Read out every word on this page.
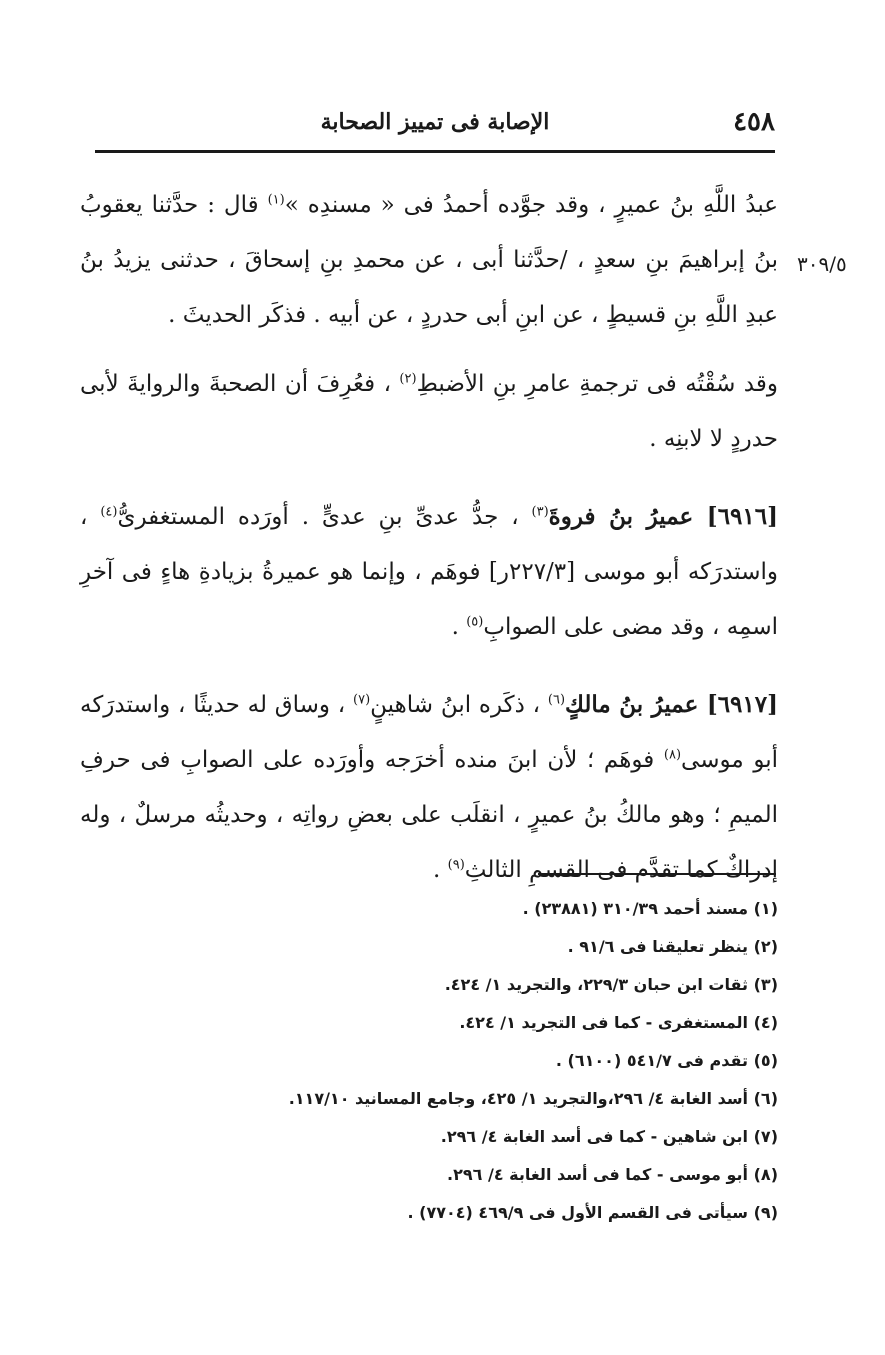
٤٥٨
الإصابة فى تمييز الصحابة
٣٠٩/٥

عبدُ اللَّهِ بنُ عميرٍ ، وقد جوَّده أحمدُ فى « مسندِه »$^{(١)}$ قال : حدَّثنا يعقوبُ بنُ إبراهيمَ بنِ سعدٍ ، /حدَّثنا أبى ، عن محمدِ بنِ إسحاقَ ، حدثنى يزيدُ بنُ عبدِ اللَّهِ بنِ قسيطٍ ، عن ابنِ أبى حدردٍ ، عن أبيه . فذكَر الحديثَ .

وقد سُقْتُه فى ترجمةِ عامرِ بنِ الأضبطِ$^{(٢)}$ ، فعُرِفَ أن الصحبةَ والروايةَ لأبى حدردٍ لا لابنِه .

[٦٩١٦] عميرُ بنُ فروةَ$^{(٣)}$ ، جدُّ عدىِّ بنِ عدىٍّ . أورَده المستغفرىُّ$^{(٤)}$ ، واستدرَكه أبو موسى [٢٢٧/٣ر] فوهَم ، وإنما هو عميرةُ بزيادةِ هاءٍ فى آخرِ اسمِه ، وقد مضى على الصوابِ$^{(٥)}$ .

[٦٩١٧] عميرُ بنُ مالكٍ$^{(٦)}$ ، ذكَره ابنُ شاهينٍ$^{(٧)}$ ، وساق له حديثًا ، واستدرَكه أبو موسى$^{(٨)}$ فوهَم ؛ لأن ابنَ منده أخرَجه وأورَده على الصوابِ فى حرفِ الميمِ ؛ وهو مالكُ بنُ عميرٍ ، انقلَب على بعضِ رواتِه ، وحديثُه مرسلٌ ، وله إدراكٌ كما تقدَّم فى القسمِ الثالثِ$^{(٩)}$ .

(١) مسند أحمد ٣١٠/٣٩ (٢٣٨٨١) .
(٢) ينظر تعليقنا فى ٩١/٦ .
(٣) ثقات ابن حبان ٢٢٩/٣، والتجريد ١/ ٤٢٤.
(٤) المستغفرى - كما فى التجريد ١/ ٤٢٤.
(٥) تقدم فى ٥٤١/٧ (٦١٠٠) .
(٦) أسد الغابة ٤/ ٢٩٦،والتجريد ١/ ٤٢٥، وجامع المسانيد ١١٧/١٠.
(٧) ابن شاهين - كما فى أسد الغابة ٤/ ٢٩٦.
(٨) أبو موسى - كما فى أسد الغابة ٤/ ٢٩٦.
(٩) سيأتى فى القسم الأول فى ٤٦٩/٩ (٧٧٠٤) .
